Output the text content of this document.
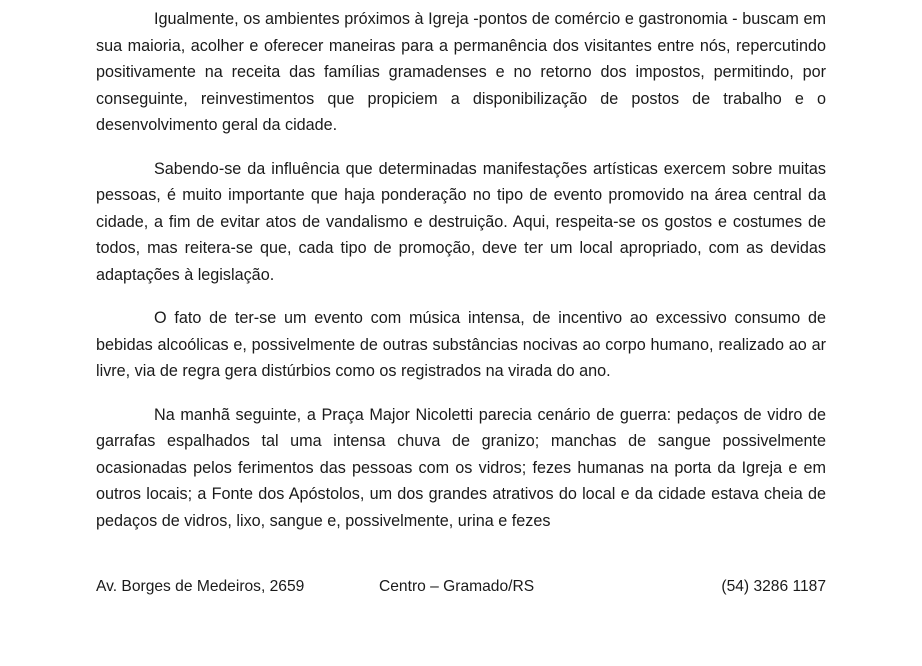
Igualmente, os ambientes próximos à Igreja -pontos de comércio e gastronomia - buscam em sua maioria, acolher e oferecer maneiras para a permanência dos visitantes entre nós, repercutindo positivamente na receita das famílias gramadenses e no retorno dos impostos, permitindo, por conseguinte, reinvestimentos que propiciem a disponibilização de postos de trabalho e o desenvolvimento geral da cidade.

Sabendo-se da influência que determinadas manifestações artísticas exercem sobre muitas pessoas, é muito importante que haja ponderação no tipo de evento promovido na área central da cidade, a fim de evitar atos de vandalismo e destruição. Aqui, respeita-se os gostos e costumes de todos, mas reitera-se que, cada tipo de promoção, deve ter um local apropriado, com as devidas adaptações à legislação.

O fato de ter-se um evento com música intensa, de incentivo ao excessivo consumo de bebidas alcoólicas e, possivelmente de outras substâncias nocivas ao corpo humano, realizado ao ar livre, via de regra gera distúrbios como os registrados na virada do ano.

Na manhã seguinte, a Praça Major Nicoletti parecia cenário de guerra: pedaços de vidro de garrafas espalhados tal uma intensa chuva de granizo; manchas de sangue possivelmente ocasionadas pelos ferimentos das pessoas com os vidros; fezes humanas na porta da Igreja e em outros locais; a Fonte dos Apóstolos, um dos grandes atrativos do local e da cidade estava cheia de pedaços de vidros, lixo, sangue e, possivelmente, urina e fezes

Av. Borges de Medeiros, 2659	Centro – Gramado/RS	(54) 3286 1187
